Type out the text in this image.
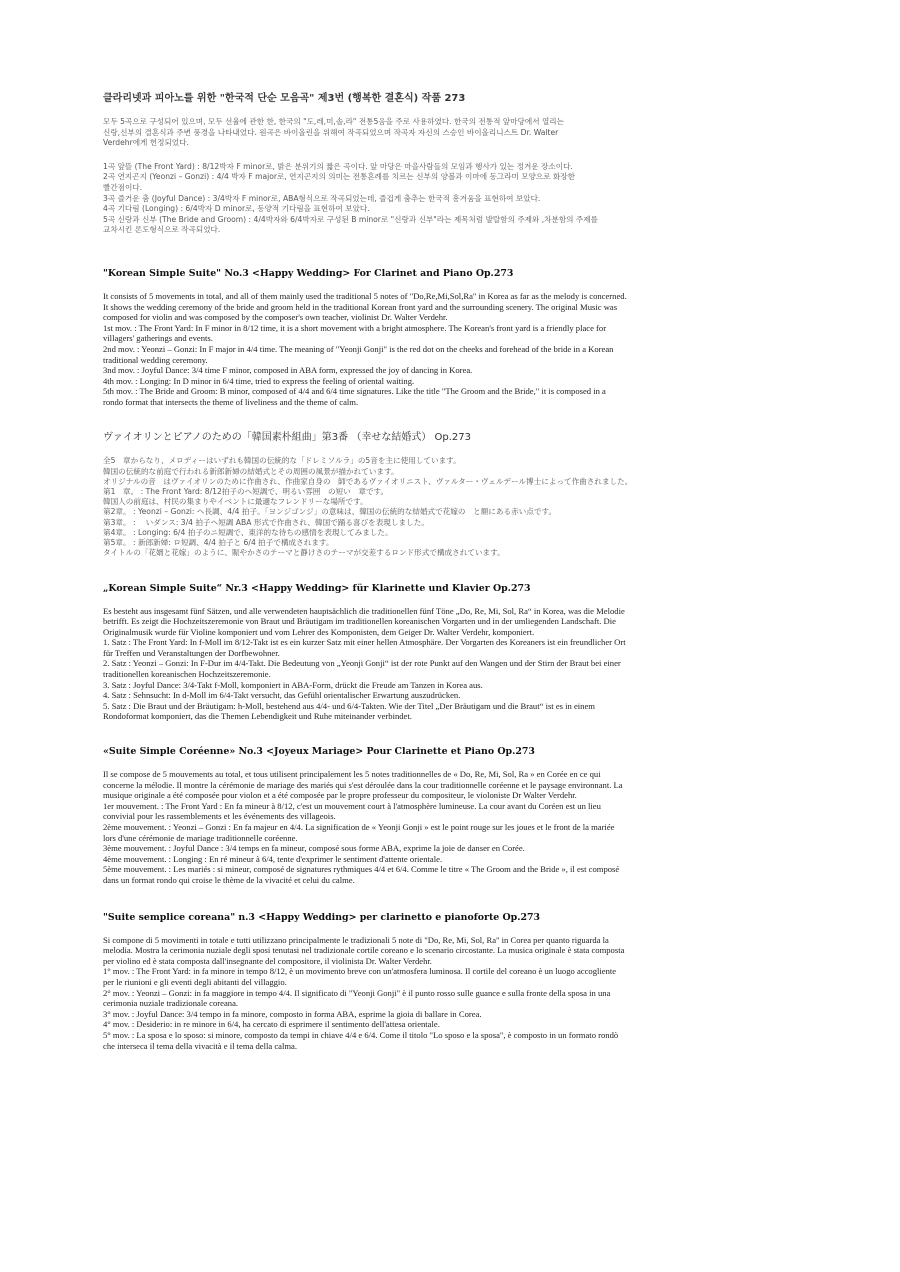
클라리넷과 피아노를 위한 "한국적 단순 모음곡" 제3번 (행복한 결혼식) 작품 273
모두 5곡으로 구성되어 있으며, 모두 선율에 관한 한, 한국의 "도,레,미,솔,라" 전통5음을 주로 사용하였다. 한국의 전통적 앞마당에서 열리는
신랑,신부의 결혼식과 주변 풍경을 나타내었다. 원곡은 바이올린을 위해여 작곡되었으며 작곡자 자신의 스승인 바이올리니스트 Dr. Walter
Verdehr에게 헌정되었다.
1곡 앞뜰 (The Front Yard) : 8/12박자 F minor로, 밝은 분위기의 짧은 곡이다. 앞 마당은 마을사람들의 모임과 행사가 있는 정겨운 장소이다.
2곡 연지곤지 (Yeonzi – Gonzi) : 4/4 박자 F major로, 연지곤지의 의미는 전통혼례를 치르는 신부의 양볼과 이마에 동그라미 모양으로 화장한
빨간점이다.
3곡 즐거운 춤 (Joyful Dance) : 3/4박자 F minor로, ABA형식으로 작곡되었는데, 즐겁게 춤추는 한국적 흥겨움을 표현하여 보았다.
4곡 기다림 (Longing) : 6/4박자 D minor로, 동양적 기다림을 표현하여 보았다.
5곡 신랑과 신부 (The Bride and Groom) : 4/4박자와 6/4박자로 구성된 B minor로 "신랑과 신부"라는 제목처럼 발랄함의 주제와 ,차분함의 주제를
교차시킨 론도형식으로 작곡되었다.
"Korean Simple Suite" No.3 <Happy Wedding> For Clarinet and Piano Op.273
It consists of 5 movements in total, and all of them mainly used the traditional 5 notes of "Do,Re,Mi,Sol,Ra" in Korea as far as the melody is concerned.
It shows the wedding ceremony of the bride and groom held in the traditional Korean front yard and the surrounding scenery. The original Music was
composed for violin and was composed by the composer's own teacher, violinist Dr. Walter Verdehr.
1st mov. : The Front Yard: In F minor in 8/12 time, it is a short movement with a bright atmosphere. The Korean's front yard is a friendly place for
villagers' gatherings and events.
2nd mov. : Yeonzi – Gonzi: In F major in 4/4 time. The meaning of "Yeonji Gonji" is the red dot on the cheeks and forehead of the bride in a Korean
traditional wedding ceremony.
3nd mov. : Joyful Dance: 3/4 time F minor, composed in ABA form, expressed the joy of dancing in Korea.
4th mov. : Longing: In D minor in 6/4 time, tried to express the feeling of oriental waiting.
5th mov. : The Bride and Groom: B minor, composed of 4/4 and 6/4 time signatures. Like the title "The Groom and the Bride," it is composed in a
rondo format that intersects the theme of liveliness and the theme of calm.
ヴァイオリンとピアノのための「韓国素朴組曲」第3番 （幸せな結婚式） Op.273
全5　章からなり、メロディーはいずれも韓国の伝統的な「ドレミソルラ」の5音を主に使用しています。
韓国の伝統的な前庭で行われる新郎新婦の結婚式とその周囲の風景が描かれています。
オリジナルの音　はヴァイオリンのために作曲され、作曲家自身の　師であるヴァイオリニスト、ヴァルター・ヴェルデール博士によって作曲されました。
第1　章。 : The Front Yard: 8/12拍子のヘ短調で、明るい雰囲　の短い　章です。
韓国人の前庭は、村民の集まりやイベントに最適なフレンドリーな場所です。
第2章。 : Yeonzi – Gonzi: ヘ長調、4/4 拍子。「ヨンジゴンジ」の意味は、韓国の伝統的な結婚式で花嫁の　と額にある赤い点です。
第3章。 : 　いダンス: 3/4 拍子ヘ短調 ABA 形式で作曲され、韓国で踊る喜びを表現しました。
第4章。 : Longing: 6/4 拍子のニ短調で、東洋的な待ちの感情を表現してみました。
第5章。 : 新郎新婦: ロ短調、4/4 拍子と 6/4 拍子で構成されます。
タイトルの「花婿と花嫁」のように、賑やかさのテーマと静けさのテーマが交差するロンド形式で構成されています。
„Korean Simple Suite“ Nr.3 <Happy Wedding> für Klarinette und Klavier Op.273
Es besteht aus insgesamt fünf Sätzen, und alle verwendeten hauptsächlich die traditionellen fünf Töne „Do, Re, Mi, Sol, Ra“ in Korea, was die Melodie
betrifft. Es zeigt die Hochzeitszeremonie von Braut und Bräutigam im traditionellen koreanischen Vorgarten und in der umliegenden Landschaft. Die
Originalmusik wurde für Violine komponiert und vom Lehrer des Komponisten, dem Geiger Dr. Walter Verdehr, komponiert.
1. Satz : The Front Yard: In f-Moll im 8/12-Takt ist es ein kurzer Satz mit einer hellen Atmosphäre. Der Vorgarten des Koreaners ist ein freundlicher Ort
für Treffen und Veranstaltungen der Dorfbewohner.
2. Satz : Yeonzi – Gonzi: In F-Dur im 4/4-Takt. Die Bedeutung von „Yeonji Gonji“ ist der rote Punkt auf den Wangen und der Stirn der Braut bei einer
traditionellen koreanischen Hochzeitszeremonie.
3. Satz : Joyful Dance: 3/4-Takt f-Moll, komponiert in ABA-Form, drückt die Freude am Tanzen in Korea aus.
4. Satz : Sehnsucht: In d-Moll im 6/4-Takt versucht, das Gefühl orientalischer Erwartung auszudrücken.
5. Satz : Die Braut und der Bräutigam: h-Moll, bestehend aus 4/4- und 6/4-Takten. Wie der Titel „Der Bräutigam und die Braut“ ist es in einem
Rondoformat komponiert, das die Themen Lebendigkeit und Ruhe miteinander verbindet.
«Suite Simple Coréenne» No.3 <Joyeux Mariage> Pour Clarinette et Piano Op.273
Il se compose de 5 mouvements au total, et tous utilisent principalement les 5 notes traditionnelles de « Do, Re, Mi, Sol, Ra » en Corée en ce qui
concerne la mélodie. Il montre la cérémonie de mariage des mariés qui s'est déroulée dans la cour traditionnelle coréenne et le paysage environnant. La
musique originale a été composée pour violon et a été composée par le propre professeur du compositeur, le violoniste Dr Walter Verdehr.
1er mouvement. : The Front Yard : En fa mineur à 8/12, c'est un mouvement court à l'atmosphère lumineuse. La cour avant du Coréen est un lieu
convivial pour les rassemblements et les événements des villageois.
2ème mouvement. : Yeonzi – Gonzi : En fa majeur en 4/4. La signification de « Yeonji Gonji » est le point rouge sur les joues et le front de la mariée
lors d'une cérémonie de mariage traditionnelle coréenne.
3ème mouvement. : Joyful Dance : 3/4 temps en fa mineur, composé sous forme ABA, exprime la joie de danser en Corée.
4ème mouvement. : Longing : En ré mineur à 6/4, tente d'exprimer le sentiment d'attente orientale.
5ème mouvement. : Les mariés : si mineur, composé de signatures rythmiques 4/4 et 6/4. Comme le titre « The Groom and the Bride », il est composé
dans un format rondo qui croise le thème de la vivacité et celui du calme.
"Suite semplice coreana" n.3 <Happy Wedding> per clarinetto e pianoforte Op.273
Si compone di 5 movimenti in totale e tutti utilizzano principalmente le tradizionali 5 note di "Do, Re, Mi, Sol, Ra" in Corea per quanto riguarda la
melodia. Mostra la cerimonia nuziale degli sposi tenutasi nel tradizionale cortile coreano e lo scenario circostante. La musica originale è stata composta
per violino ed è stata composta dall'insegnante del compositore, il violinista Dr. Walter Verdehr.
1° mov. : The Front Yard: in fa minore in tempo 8/12, è un movimento breve con un'atmosfera luminosa. Il cortile del coreano è un luogo accogliente
per le riunioni e gli eventi degli abitanti del villaggio.
2° mov. : Yeonzi – Gonzi: in fa maggiore in tempo 4/4. Il significato di "Yeonji Gonji" è il punto rosso sulle guance e sulla fronte della sposa in una
cerimonia nuziale tradizionale coreana.
3° mov. : Joyful Dance: 3/4 tempo in fa minore, composto in forma ABA, esprime la gioia di ballare in Corea.
4° mov. : Desiderio: in re minore in 6/4, ha cercato di esprimere il sentimento dell'attesa orientale.
5° mov. : La sposa e lo sposo: si minore, composto da tempi in chiave 4/4 e 6/4. Come il titolo "Lo sposo e la sposa", è composto in un formato rondò
che interseca il tema della vivacità e il tema della calma.
